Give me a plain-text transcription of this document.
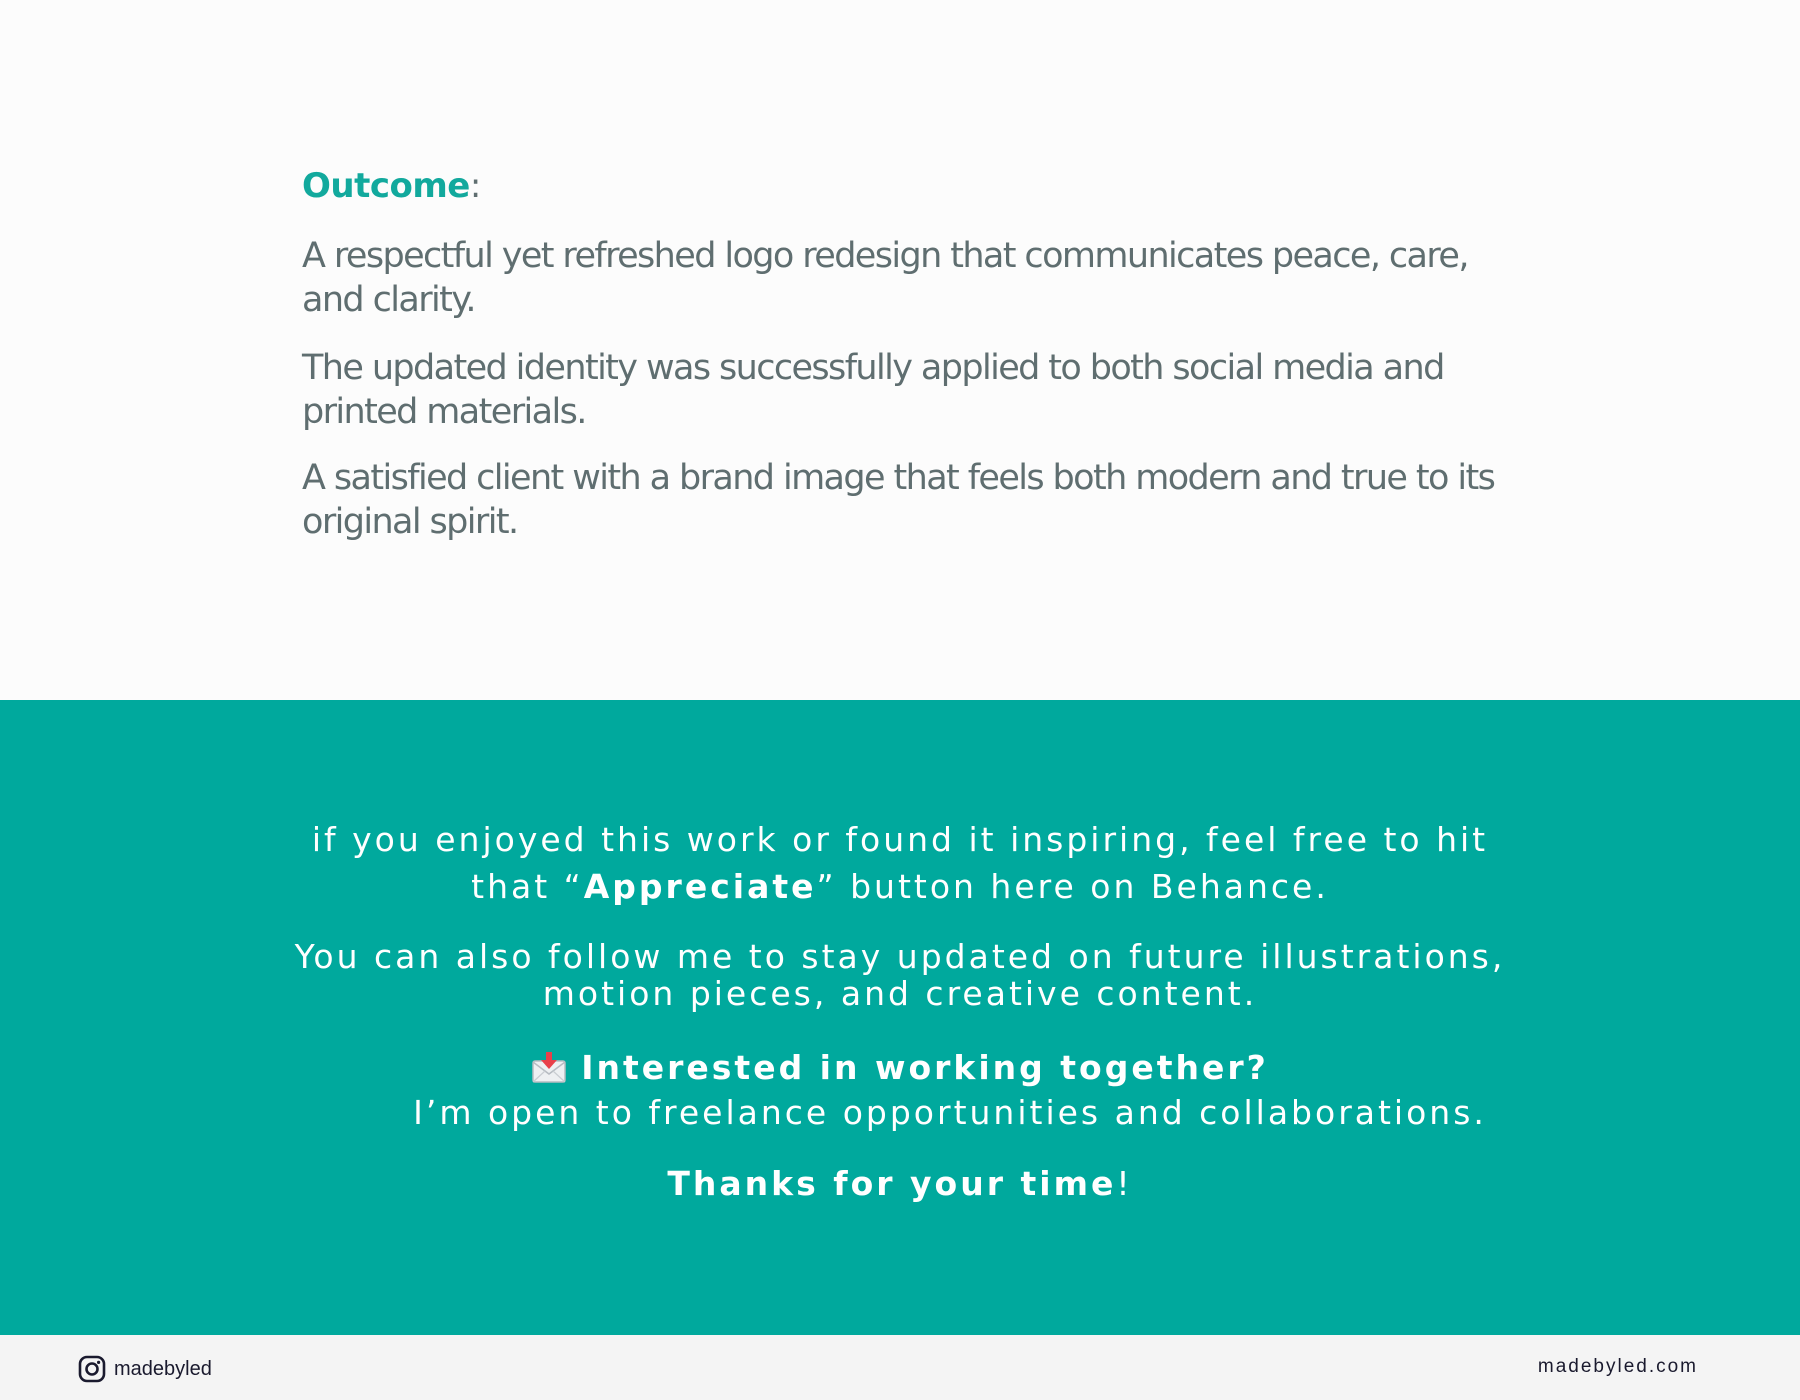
Outcome:

A respectful yet refreshed logo redesign that communicates peace, care, and clarity.

The updated identity was successfully applied to both social media and printed materials.

A satisfied client with a brand image that feels both modern and true to its original spirit.

if you enjoyed this work or found it inspiring, feel free to hit
that “Appreciate” button here on Behance.
You can also follow me to stay updated on future illustrations,
motion pieces, and creative content.
Interested in working together?
I’m open to freelance opportunities and collaborations.
Thanks for your time!
madebyled	madebyled.com
